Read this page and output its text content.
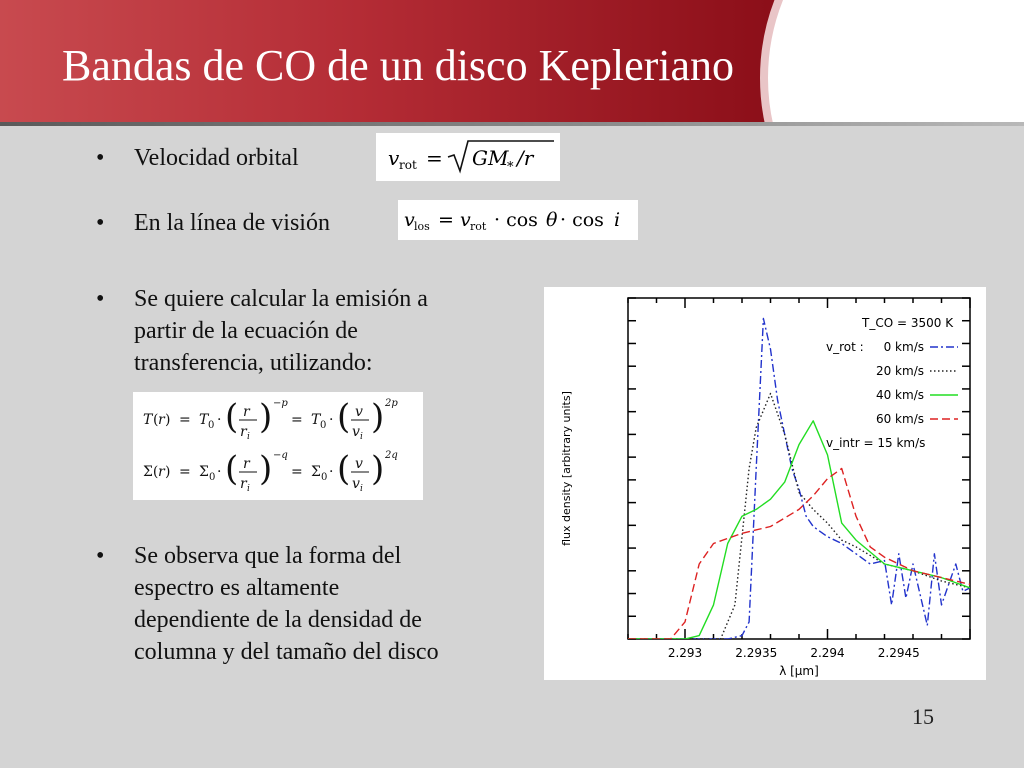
Bandas de CO de un disco Kepleriano
• Velocidad orbital	v rot = GM
* /r
• En la línea de visión	v los = v rot · cos θ · cos i
• Se quiere calcular la emisión a
partir de la ecuación de
transferencia, utilizando:
T ( r ) = T 0 · ( r
r i ) −p
= T 0 · ( v
v i ) 2p
Σ( r ) = Σ 0 · ( r
r i ) −q
= Σ 0 · ( v
v i ) 2q
• Se observa que la forma del
espectro es altamente
dependiente de la densidad de
columna y del tamaño del disco	2.293	2.2935	2.294	2.2945
λ [μm]
flux density [arbitrary units]
T_CO = 3500 K
v_rot : 0 km/s
20 km/s
40 km/s
60 km/s
v_intr = 15 km/s
15
